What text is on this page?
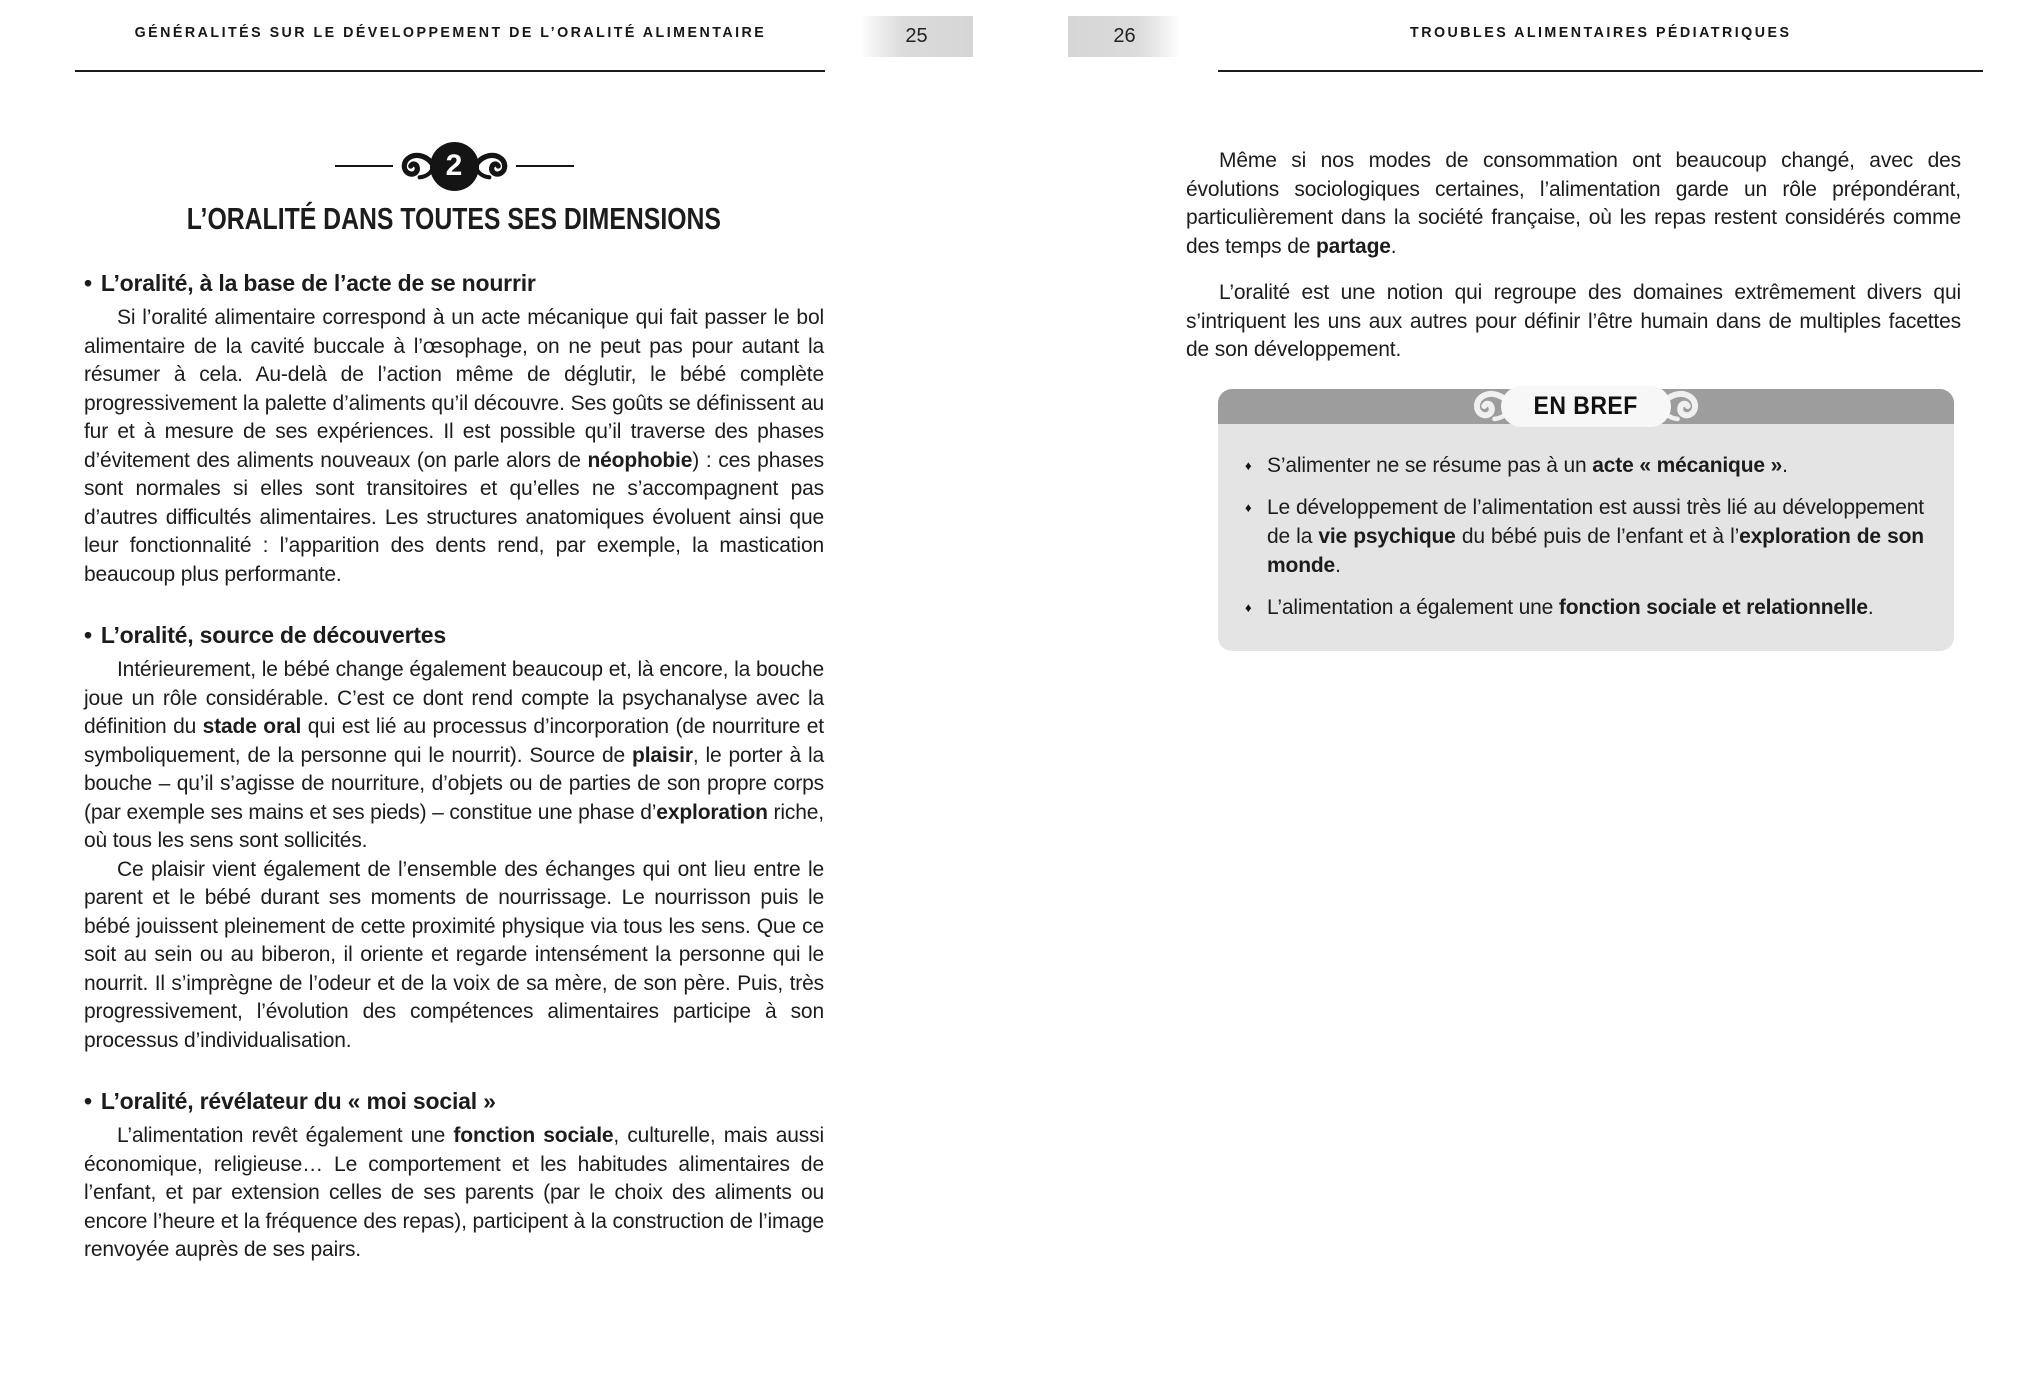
GÉNÉRALITÉS SUR LE DÉVELOPPEMENT DE L’ORALITÉ ALIMENTAIRE	25
2
L’ORALITÉ DANS TOUTES SES DIMENSIONS
• L’oralité, à la base de l’acte de se nourrir

Si l’oralité alimentaire correspond à un acte mécanique qui fait passer le bol alimentaire de la cavité buccale à l’œsophage, on ne peut pas pour autant la résumer à cela. Au-delà de l’action même de déglutir, le bébé complète progressivement la palette d’aliments qu’il découvre. Ses goûts se définissent au fur et à mesure de ses expériences. Il est possible qu’il traverse des phases d’évitement des aliments nouveaux (on parle alors de néophobie) : ces phases sont normales si elles sont transitoires et qu’elles ne s’accompagnent pas d’autres difficultés alimentaires. Les structures anatomiques évoluent ainsi que leur fonctionnalité : l’apparition des dents rend, par exemple, la mastication beaucoup plus performante.

• L’oralité, source de découvertes

Intérieurement, le bébé change également beaucoup et, là encore, la bouche joue un rôle considérable. C’est ce dont rend compte la psychanalyse avec la définition du stade oral qui est lié au processus d’incorporation (de nourriture et symboliquement, de la personne qui le nourrit). Source de plaisir, le porter à la bouche – qu’il s’agisse de nourriture, d’objets ou de parties de son propre corps (par exemple ses mains et ses pieds) – constitue une phase d’exploration riche, où tous les sens sont sollicités.

Ce plaisir vient également de l’ensemble des échanges qui ont lieu entre le parent et le bébé durant ses moments de nourrissage. Le nourrisson puis le bébé jouissent pleinement de cette proximité physique via tous les sens. Que ce soit au sein ou au biberon, il oriente et regarde intensément la personne qui le nourrit. Il s’imprègne de l’odeur et de la voix de sa mère, de son père. Puis, très progressivement, l’évolution des compétences alimentaires participe à son processus d’individualisation.

• L’oralité, révélateur du « moi social »

L’alimentation revêt également une fonction sociale, culturelle, mais aussi économique, religieuse… Le comportement et les habitudes alimentaires de l’enfant, et par extension celles de ses parents (par le choix des aliments ou encore l’heure et la fréquence des repas), participent à la construction de l’image renvoyée auprès de ses pairs.

26	TROUBLES ALIMENTAIRES PÉDIATRIQUES

Même si nos modes de consommation ont beaucoup changé, avec des évolutions sociologiques certaines, l’alimentation garde un rôle prépondérant, particulièrement dans la société française, où les repas restent considérés comme des temps de partage.

L’oralité est une notion qui regroupe des domaines extrêmement divers qui s’intriquent les uns aux autres pour définir l’être humain dans de multiples facettes de son développement.

EN BREF
♦ S’alimenter ne se résume pas à un acte « mécanique ».
♦ Le développement de l’alimentation est aussi très lié au développement de la vie psychique du bébé puis de l’enfant et à l’exploration de son monde.
♦ L’alimentation a également une fonction sociale et relationnelle.
